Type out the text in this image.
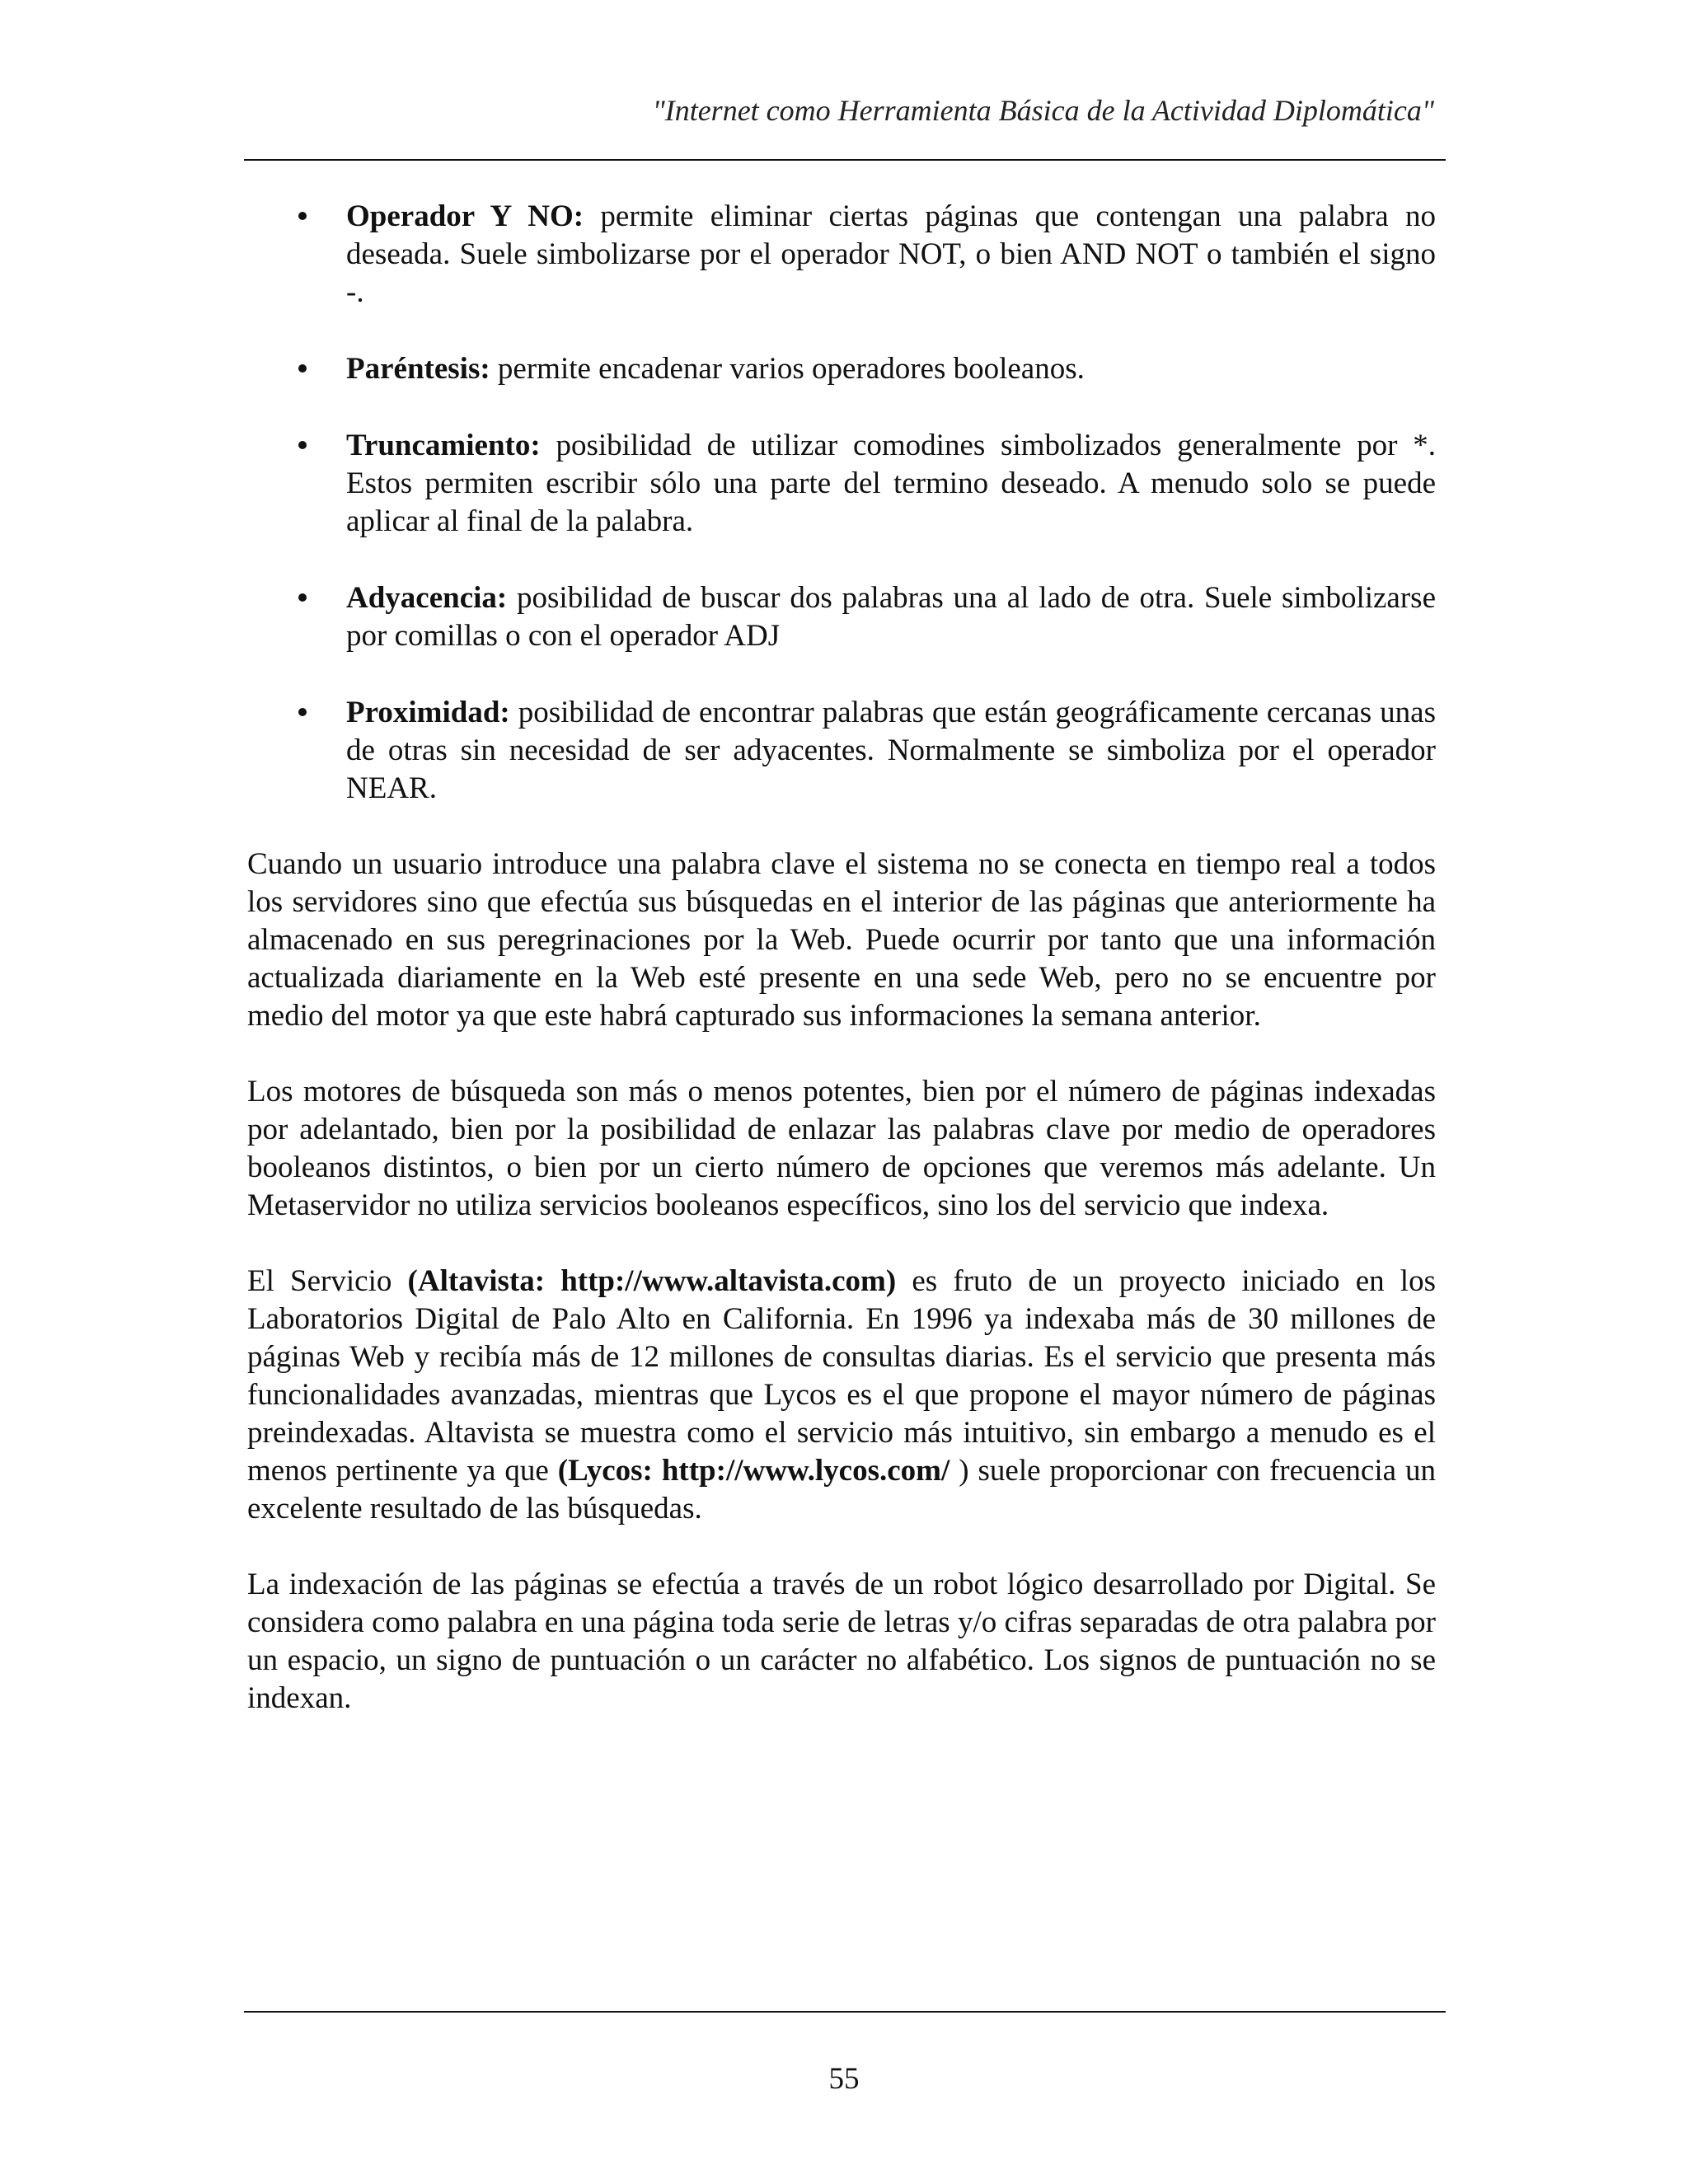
"Internet como Herramienta Básica de la Actividad Diplomática"
Operador Y NO: permite eliminar ciertas páginas que contengan una palabra no deseada. Suele simbolizarse por el operador NOT, o bien AND NOT o también el signo -.
Paréntesis: permite encadenar varios operadores booleanos.
Truncamiento: posibilidad de utilizar comodines simbolizados generalmente por *. Estos permiten escribir sólo una parte del termino deseado. A menudo solo se puede aplicar al final de la palabra.
Adyacencia: posibilidad de buscar dos palabras una al lado de otra. Suele simbolizarse por comillas o con el operador ADJ
Proximidad: posibilidad de encontrar palabras que están geográficamente cercanas unas de otras sin necesidad de ser adyacentes. Normalmente se simboliza por el operador NEAR.

Cuando un usuario introduce una palabra clave el sistema no se conecta en tiempo real a todos los servidores sino que efectúa sus búsquedas en el interior de las páginas que anteriormente ha almacenado en sus peregrinaciones por la Web. Puede ocurrir por tanto que una información actualizada diariamente en la Web esté presente en una sede Web, pero no se encuentre por medio del motor ya que este habrá capturado sus informaciones la semana anterior.

Los motores de búsqueda son más o menos potentes, bien por el número de páginas indexadas por adelantado, bien por la posibilidad de enlazar las palabras clave por medio de operadores booleanos distintos, o bien por un cierto número de opciones que veremos más adelante. Un Metaservidor no utiliza servicios booleanos específicos, sino los del servicio que indexa.

El Servicio (Altavista: http://www.altavista.com) es fruto de un proyecto iniciado en los Laboratorios Digital de Palo Alto en California. En 1996 ya indexaba más de 30 millones de páginas Web y recibía más de 12 millones de consultas diarias. Es el servicio que presenta más funcionalidades avanzadas, mientras que Lycos es el que propone el mayor número de páginas preindexadas. Altavista se muestra como el servicio más intuitivo, sin embargo a menudo es el menos pertinente ya que (Lycos: http://www.lycos.com/ ) suele proporcionar con frecuencia un excelente resultado de las búsquedas.

La indexación de las páginas se efectúa a través de un robot lógico desarrollado por Digital. Se considera como palabra en una página toda serie de letras y/o cifras separadas de otra palabra por un espacio, un signo de puntuación o un carácter no alfabético. Los signos de puntuación no se indexan.

55
